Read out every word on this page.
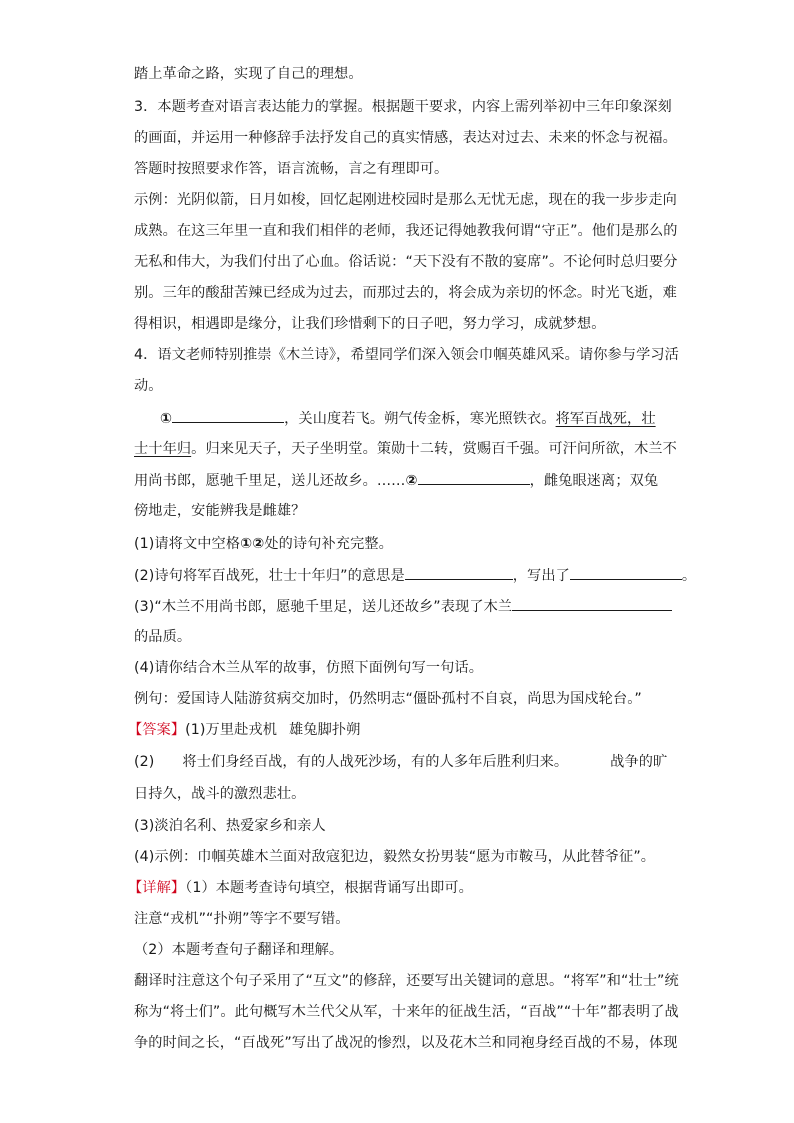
踏上革命之路，实现了自己的理想。
3．本题考查对语言表达能力的掌握。根据题干要求，内容上需列举初中三年印象深刻
的画面，并运用一种修辞手法抒发自己的真实情感，表达对过去、未来的怀念与祝福。
答题时按照要求作答，语言流畅，言之有理即可。
示例：光阴似箭，日月如梭，回忆起刚进校园时是那么无忧无虑，现在的我一步步走向
成熟。在这三年里一直和我们相伴的老师，我还记得她教我何谓“守正”。他们是那么的
无私和伟大，为我们付出了心血。俗话说：“天下没有不散的宴席”。不论何时总归要分
别。三年的酸甜苦辣已经成为过去，而那过去的，将会成为亲切的怀念。时光飞逝，难
得相识，相遇即是缘分，让我们珍惜剩下的日子吧，努力学习，成就梦想。
4．语文老师特别推崇《木兰诗》，希望同学们深入领会巾帼英雄风采。请你参与学习活
动。
①	，关山度若飞。朔气传金柝，寒光照铁衣。将军百战死，壮
士十年归。归来见天子，天子坐明堂。策勋十二转，赏赐百千强。可汗问所欲，木兰不
用尚书郎，愿驰千里足，送儿还故乡。……②	，雌兔眼迷离；双兔
傍地走，安能辨我是雌雄？
(1)请将文中空格①②处的诗句补充完整。
(2)诗句将军百战死，壮士十年归”的意思是	，写出了	。
(3)“木兰不用尚书郎，愿驰千里足，送儿还故乡”表现了木兰
的品质。
(4)请你结合木兰从军的故事，仿照下面例句写一句话。
例句：爱国诗人陆游贫病交加时，仍然明志“僵卧孤村不自哀，尚思为国戍轮台。”
【答案】(1)万里赴戎机 雄兔脚扑朔
(2) 将士们身经百战，有的人战死沙场，有的人多年后胜利归来。	战争的旷
日持久，战斗的激烈悲壮。
(3)淡泊名利、热爱家乡和亲人
(4)示例：巾帼英雄木兰面对敌寇犯边，毅然女扮男装“愿为市鞍马，从此替爷征”。
【详解】（1）本题考查诗句填空，根据背诵写出即可。
注意“戎机”“扑朔”等字不要写错。
（2）本题考查句子翻译和理解。
翻译时注意这个句子采用了“互文”的修辞，还要写出关键词的意思。“将军”和“壮士”统
称为“将士们”。此句概写木兰代父从军，十来年的征战生活，“百战”“十年”都表明了战
争的时间之长，“百战死”写出了战况的惨烈，以及花木兰和同袍身经百战的不易，体现
